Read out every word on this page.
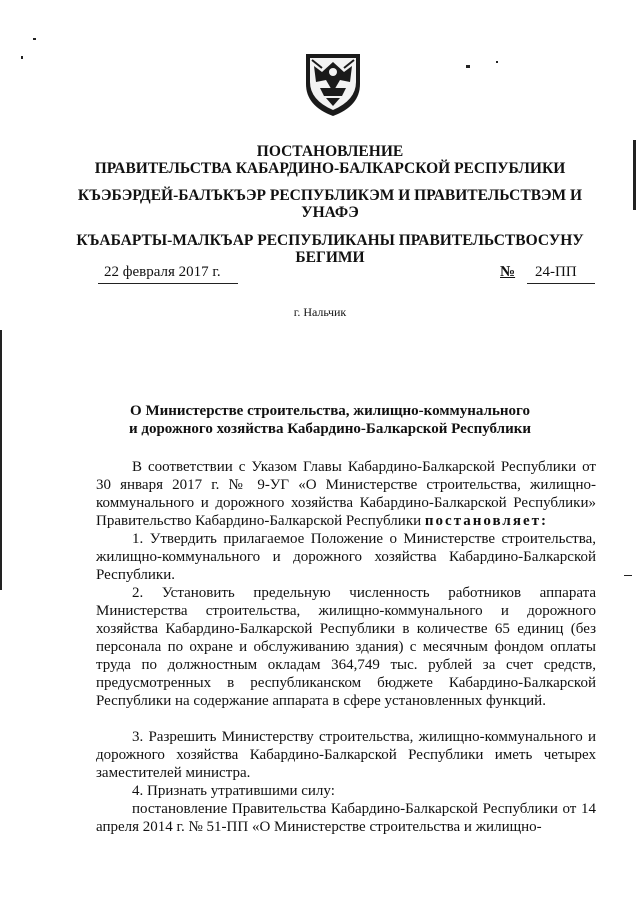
ПОСТАНОВЛЕНИЕ
ПРАВИТЕЛЬСТВА КАБАРДИНО-БАЛКАРСКОЙ РЕСПУБЛИКИ
КЪЭБЭРДЕЙ-БАЛЪКЪЭР РЕСПУБЛИКЭМ И ПРАВИТЕЛЬСТВЭМ И
УНАФЭ
КЪАБАРТЫ-МАЛКЪАР РЕСПУБЛИКАНЫ ПРАВИТЕЛЬСТВОСУНУ
БЕГИМИ
22 февраля 2017 г.	№	24-ПП
г. Нальчик
О Министерстве строительства, жилищно-коммунального
и дорожного хозяйства Кабардино-Балкарской Республики
В соответствии с Указом Главы Кабардино-Балкарской Республики от 30 января 2017 г. № 9-УГ «О Министерстве строительства, жилищно-коммунального и дорожного хозяйства Кабардино-Балкарской Республики» Правительство Кабардино-Балкарской Республики постановляет:
1. Утвердить прилагаемое Положение о Министерстве строительства, жилищно-коммунального и дорожного хозяйства Кабардино-Балкарской Республики.
2. Установить предельную численность работников аппарата Министерства строительства, жилищно-коммунального и дорожного хозяйства Кабардино-Балкарской Республики в количестве 65 единиц (без персонала по охране и обслуживанию здания) с месячным фондом оплаты труда по должностным окладам 364,749 тыс. рублей за счет средств, предусмотренных в республиканском бюджете Кабардино-Балкарской Республики на содержание аппарата в сфере установленных функций.
3. Разрешить Министерству строительства, жилищно-коммунального и дорожного хозяйства Кабардино-Балкарской Республики иметь четырех заместителей министра.
4. Признать утратившими силу:
постановление Правительства Кабардино-Балкарской Республики от 14 апреля 2014 г. № 51-ПП «О Министерстве строительства и жилищно-
